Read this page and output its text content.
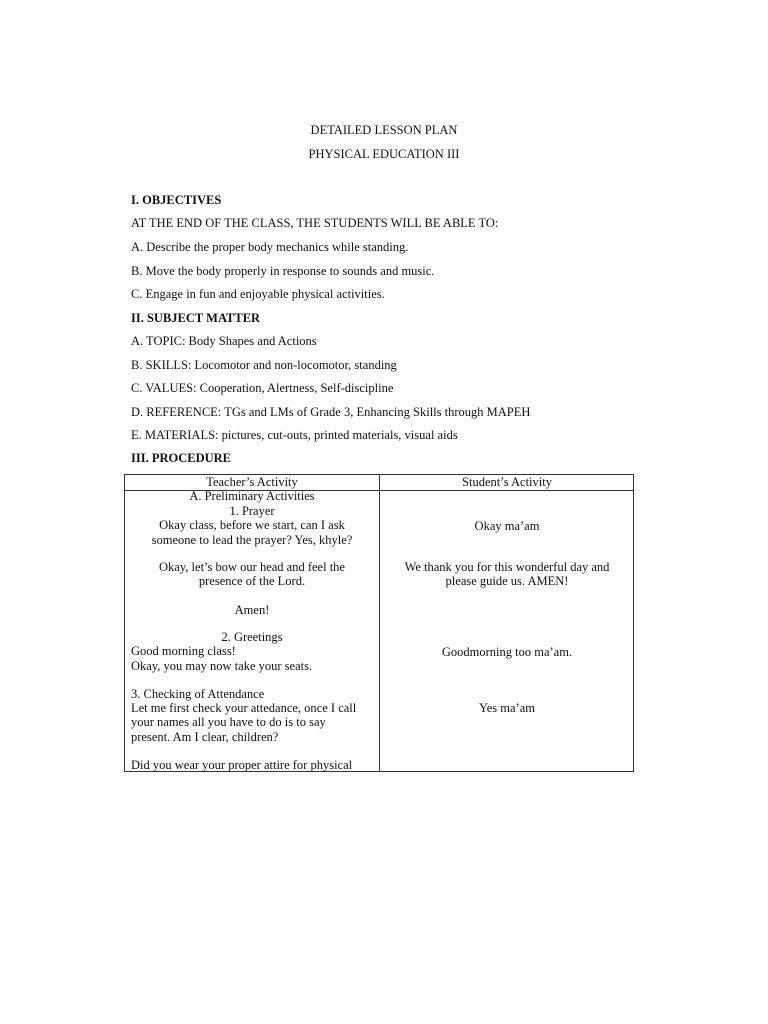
DETAILED LESSON PLAN
PHYSICAL EDUCATION III
I. OBJECTIVES
AT THE END OF THE CLASS, THE STUDENTS WILL BE ABLE TO:
A. Describe the proper body mechanics while standing.
B. Move the body properly in response to sounds and music.
C. Engage in fun and enjoyable physical activities.
II. SUBJECT MATTER
A. TOPIC: Body Shapes and Actions
B. SKILLS: Locomotor and non-locomotor, standing
C. VALUES: Cooperation, Alertness, Self-discipline
D. REFERENCE: TGs and LMs of Grade 3, Enhancing Skills through MAPEH
E. MATERIALS: pictures, cut-outs, printed materials, visual aids
III. PROCEDURE
Teacher’s Activity	Student’s Activity
A. Preliminary Activities
1. Prayer
Okay class, before we start, can I ask
someone to lead the prayer? Yes, khyle?
Okay, let’s bow our head and feel the
presence of the Lord.
Amen!
2. Greetings
Good morning class!
Okay, you may now take your seats.
3. Checking of Attendance
Let me first check your attedance, once I call
your names all you have to do is to say
present. Am I clear, children?
Did you wear your proper attire for physical
Okay ma’am
We thank you for this wonderful day and
please guide us. AMEN!
Goodmorning too ma’am.
Yes ma’am
